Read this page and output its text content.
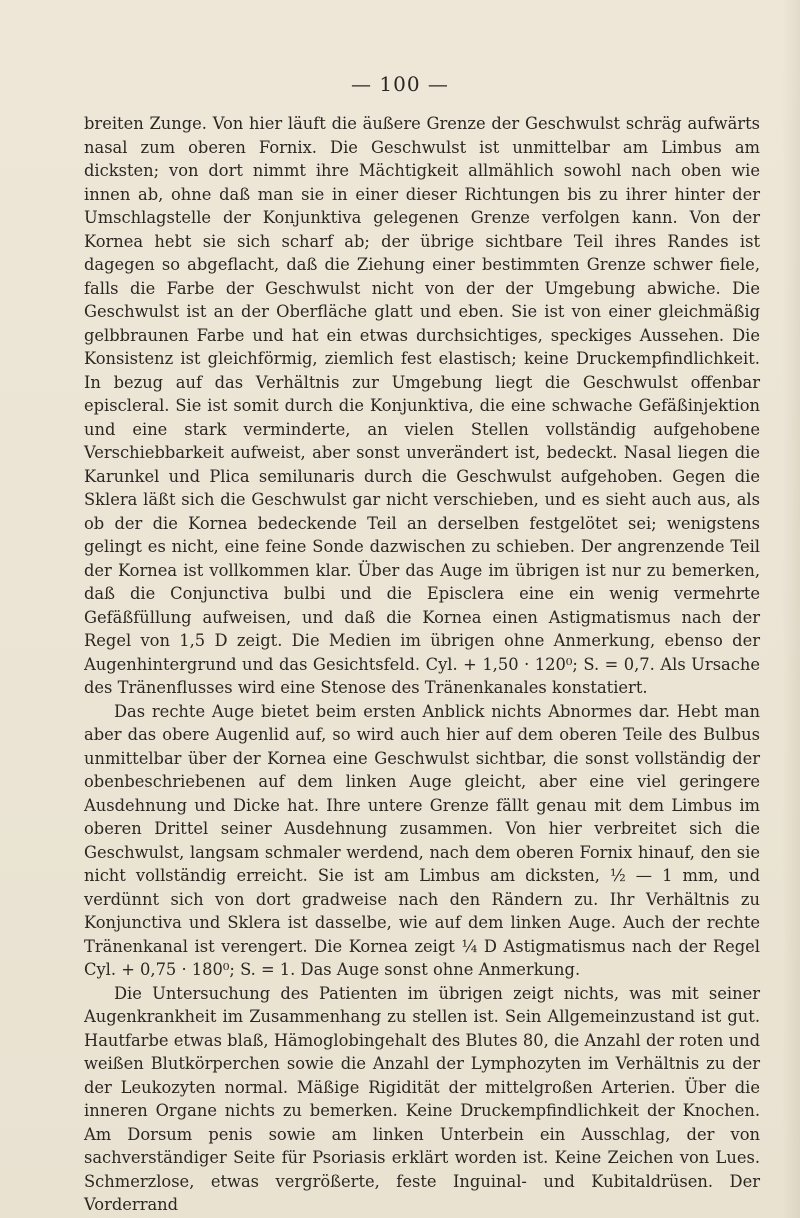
— 100 —

breiten Zunge. Von hier läuft die äußere Grenze der Geschwulst schräg aufwärts nasal zum oberen Fornix. Die Geschwulst ist unmittelbar am Limbus am dicksten; von dort nimmt ihre Mächtigkeit allmählich sowohl nach oben wie innen ab, ohne daß man sie in einer dieser Richtungen bis zu ihrer hinter der Umschlagstelle der Konjunktiva gelegenen Grenze verfolgen kann. Von der Kornea hebt sie sich scharf ab; der übrige sichtbare Teil ihres Randes ist dagegen so abgeflacht, daß die Ziehung einer bestimmten Grenze schwer fiele, falls die Farbe der Geschwulst nicht von der der Umgebung abwiche. Die Geschwulst ist an der Oberfläche glatt und eben. Sie ist von einer gleichmäßig gelbbraunen Farbe und hat ein etwas durchsichtiges, speckiges Aussehen. Die Konsistenz ist gleichförmig, ziemlich fest elastisch; keine Druckempfindlichkeit. In bezug auf das Verhältnis zur Umgebung liegt die Geschwulst offenbar episcleral. Sie ist somit durch die Konjunktiva, die eine schwache Gefäßinjektion und eine stark verminderte, an vielen Stellen vollständig aufgehobene Verschiebbarkeit aufweist, aber sonst unverändert ist, bedeckt. Nasal liegen die Karunkel und Plica semilunaris durch die Geschwulst aufgehoben. Gegen die Sklera läßt sich die Geschwulst gar nicht verschieben, und es sieht auch aus, als ob der die Kornea bedeckende Teil an derselben festgelötet sei; wenigstens gelingt es nicht, eine feine Sonde dazwischen zu schieben. Der angrenzende Teil der Kornea ist vollkommen klar. Über das Auge im übrigen ist nur zu bemerken, daß die Conjunctiva bulbi und die Episclera eine ein wenig vermehrte Gefäßfüllung aufweisen, und daß die Kornea einen Astigmatismus nach der Regel von 1,5 D zeigt. Die Medien im übrigen ohne Anmerkung, ebenso der Augenhintergrund und das Gesichtsfeld. Cyl. + 1,50 · 120⁰; S. = 0,7. Als Ursache des Tränenflusses wird eine Stenose des Tränenkanales konstatiert.

Das rechte Auge bietet beim ersten Anblick nichts Abnormes dar. Hebt man aber das obere Augenlid auf, so wird auch hier auf dem oberen Teile des Bulbus unmittelbar über der Kornea eine Geschwulst sichtbar, die sonst vollständig der obenbeschriebenen auf dem linken Auge gleicht, aber eine viel geringere Ausdehnung und Dicke hat. Ihre untere Grenze fällt genau mit dem Limbus im oberen Drittel seiner Ausdehnung zusammen. Von hier verbreitet sich die Geschwulst, langsam schmaler werdend, nach dem oberen Fornix hinauf, den sie nicht vollständig erreicht. Sie ist am Limbus am dicksten, ½ — 1 mm, und verdünnt sich von dort gradweise nach den Rändern zu. Ihr Verhältnis zu Konjunctiva und Sklera ist dasselbe, wie auf dem linken Auge. Auch der rechte Tränenkanal ist verengert. Die Kornea zeigt ¼ D Astigmatismus nach der Regel Cyl. + 0,75 · 180⁰; S. = 1. Das Auge sonst ohne Anmerkung.

Die Untersuchung des Patienten im übrigen zeigt nichts, was mit seiner Augenkrankheit im Zusammenhang zu stellen ist. Sein Allgemeinzustand ist gut. Hautfarbe etwas blaß, Hämoglobingehalt des Blutes 80, die Anzahl der roten und weißen Blutkörperchen sowie die Anzahl der Lymphozyten im Verhältnis zu der der Leukozyten normal. Mäßige Rigidität der mittelgroßen Arterien. Über die inneren Organe nichts zu bemerken. Keine Druckempfindlichkeit der Knochen. Am Dorsum penis sowie am linken Unterbein ein Ausschlag, der von sachverständiger Seite für Psoriasis erklärt worden ist. Keine Zeichen von Lues. Schmerzlose, etwas vergrößerte, feste Inguinal- und Kubitaldrüsen. Der Vorderrand
